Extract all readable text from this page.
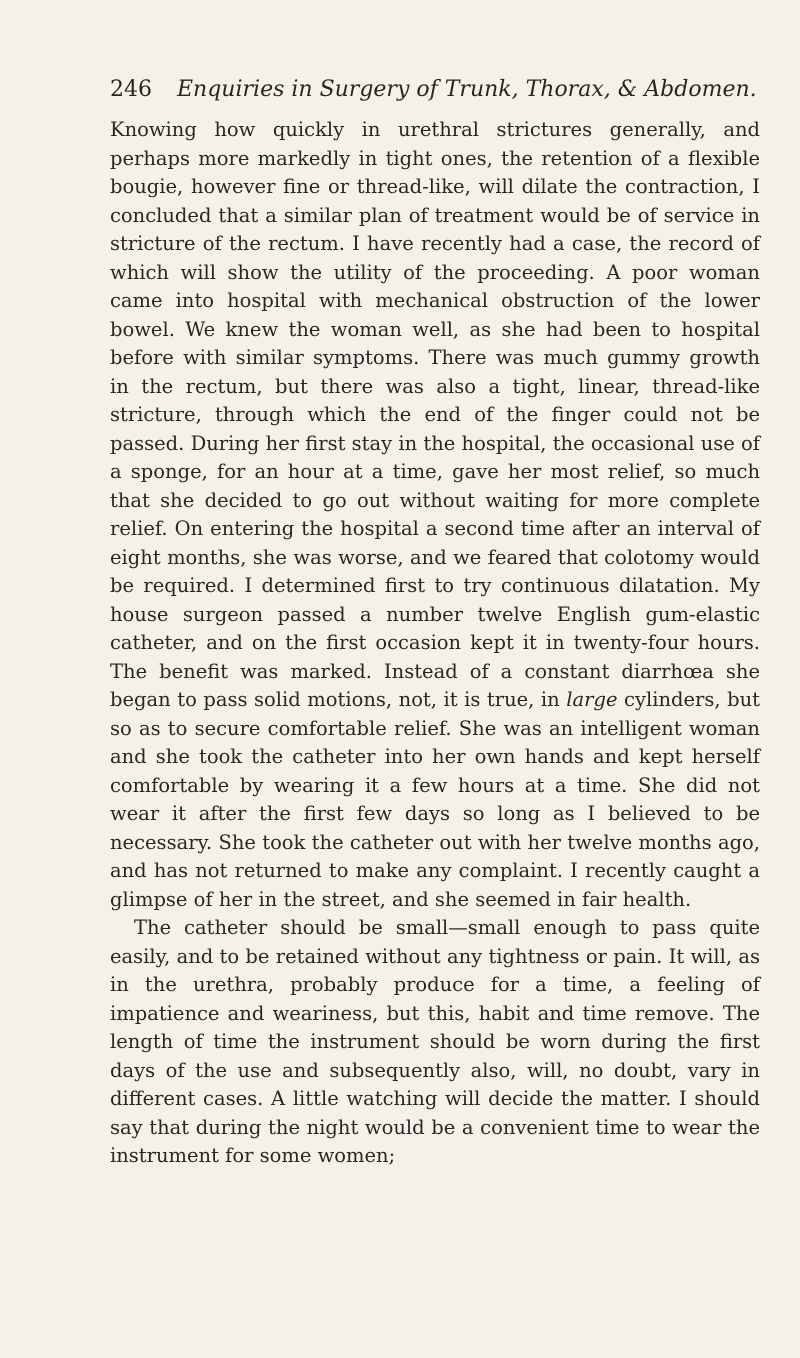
246 Enquiries in Surgery of Trunk, Thorax, & Abdomen.

Knowing how quickly in urethral strictures generally, and perhaps more markedly in tight ones, the retention of a flexible bougie, however fine or thread-like, will dilate the contraction, I concluded that a similar plan of treatment would be of service in stricture of the rectum. I have recently had a case, the record of which will show the utility of the proceeding. A poor woman came into hospital with mechanical obstruction of the lower bowel. We knew the woman well, as she had been to hospital before with similar symptoms. There was much gummy growth in the rectum, but there was also a tight, linear, thread-like stricture, through which the end of the finger could not be passed. During her first stay in the hospital, the occasional use of a sponge, for an hour at a time, gave her most relief, so much that she decided to go out without waiting for more complete relief. On entering the hospital a second time after an interval of eight months, she was worse, and we feared that colotomy would be required. I determined first to try continuous dilatation. My house surgeon passed a number twelve English gum-elastic catheter, and on the first occasion kept it in twenty-four hours. The benefit was marked. Instead of a constant diarrhœa she began to pass solid motions, not, it is true, in large cylinders, but so as to secure comfortable relief. She was an intelligent woman and she took the catheter into her own hands and kept herself comfortable by wearing it a few hours at a time. She did not wear it after the first few days so long as I believed to be necessary. She took the catheter out with her twelve months ago, and has not returned to make any complaint. I recently caught a glimpse of her in the street, and she seemed in fair health.

The catheter should be small—small enough to pass quite easily, and to be retained without any tightness or pain. It will, as in the urethra, probably produce for a time, a feeling of impatience and weariness, but this, habit and time remove. The length of time the instrument should be worn during the first days of the use and subsequently also, will, no doubt, vary in different cases. A little watching will decide the matter. I should say that during the night would be a convenient time to wear the instrument for some women;
